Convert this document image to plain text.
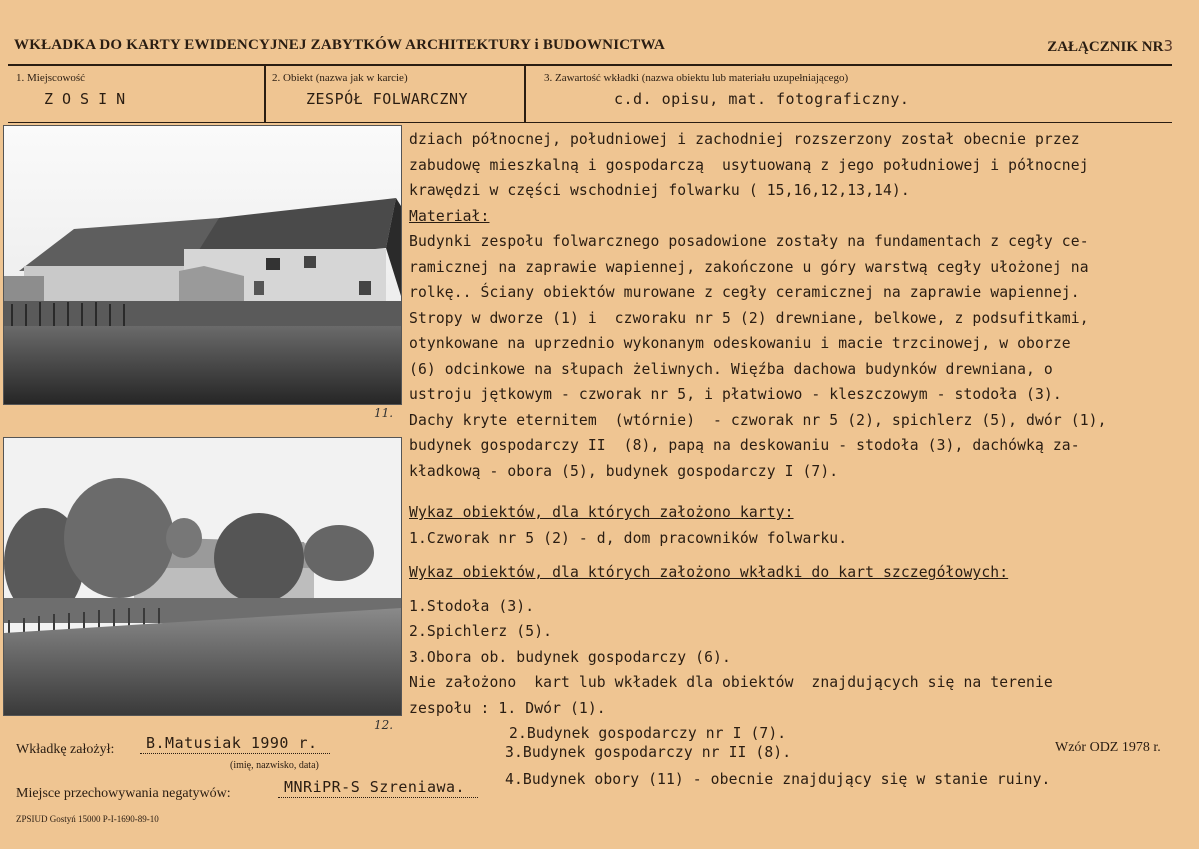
WKŁADKA DO KARTY EWIDENCYJNEJ ZABYTKÓW ARCHITEKTURY i BUDOWNICTWA	ZAŁĄCZNIK NR3
1. Miejscowość
ZOSIN
2. Obiekt (nazwa jak w karcie)
ZESPÓŁ FOLWARCZNY
3. Zawartość wkładki (nazwa obiektu lub materiału uzupełniającego)
c.d. opisu, mat. fotograficzny.
11.
12.
dziach północnej, południowej i zachodniej rozszerzony został obecnie przez
zabudowę mieszkalną i gospodarczą  usytuowaną z jego południowej i północnej
krawędzi w części wschodniej folwarku ( 15,16,12,13,14).
Materiał:
Budynki zespołu folwarcznego posadowione zostały na fundamentach z cegły ce-
ramicznej na zaprawie wapiennej, zakończone u góry warstwą cegły ułożonej na
rolkę.. Ściany obiektów murowane z cegły ceramicznej na zaprawie wapiennej.
Stropy w dworze (1) i  czworaku nr 5 (2) drewniane, belkowe, z podsufitkami,
otynkowane na uprzednio wykonanym odeskowaniu i macie trzcinowej, w oborze
(6) odcinkowe na słupach żeliwnych. Więźba dachowa budynków drewniana, o
ustroju jętkowym - czworak nr 5, i płatwiowo - kleszczowym - stodoła (3).
Dachy kryte eternitem  (wtórnie)  - czworak nr 5 (2), spichlerz (5), dwór (1),
budynek gospodarczy II  (8), papą na deskowaniu - stodoła (3), dachówką za-
kładkową - obora (5), budynek gospodarczy I (7).
Wykaz obiektów, dla których założono karty:
1.Czworak nr 5 (2) - d, dom pracowników folwarku.
Wykaz obiektów, dla których założono wkładki do kart szczegółowych:
1.Stodoła (3).
2.Spichlerz (5).
3.Obora ob. budynek gospodarczy (6).
Nie założono  kart lub wkładek dla obiektów  znajdujących się na terenie
zespołu : 1. Dwór (1).
2.Budynek gospodarczy nr I (7).
3.Budynek gospodarczy nr II (8).
4.Budynek obory (11) - obecnie znajdujący się w stanie ruiny.
Wkładkę założył: B.Matusiak 1990 r.
(imię, nazwisko, data)
Miejsce przechowywania negatywów:	MNRiPR-S Szreniawa.
Wzór ODZ 1978 r.
ZPSIUD Gostyń 15000 P-I-1690-89-10
